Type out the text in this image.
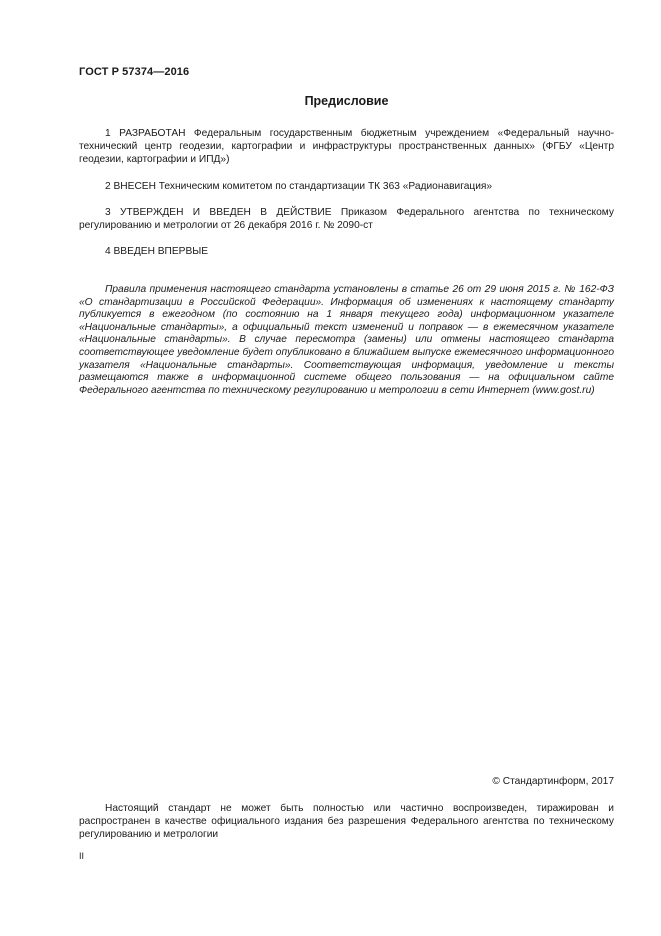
ГОСТ Р 57374—2016
Предисловие

1 РАЗРАБОТАН Федеральным государственным бюджетным учреждением «Федеральный научно-технический центр геодезии, картографии и инфраструктуры пространственных данных» (ФГБУ «Центр геодезии, картографии и ИПД»)

2 ВНЕСЕН Техническим комитетом по стандартизации ТК 363 «Радионавигация»

3 УТВЕРЖДЕН И ВВЕДЕН В ДЕЙСТВИЕ Приказом Федерального агентства по техническому регулированию и метрологии от 26 декабря 2016 г. № 2090-ст

4 ВВЕДЕН ВПЕРВЫЕ

Правила применения настоящего стандарта установлены в статье 26 от 29 июня 2015 г. № 162-ФЗ «О стандартизации в Российской Федерации». Информация об изменениях к настоящему стандарту публикуется в ежегодном (по состоянию на 1 января текущего года) информационном указателе «Национальные стандарты», а официальный текст изменений и поправок — в ежемесячном указателе «Национальные стандарты». В случае пересмотра (замены) или отмены настоящего стандарта соответствующее уведомление будет опубликовано в ближайшем выпуске ежемесячного информационного указателя «Национальные стандарты». Соответствующая информация, уведомление и тексты размещаются также в информационной системе общего пользования — на официальном сайте Федерального агентства по техническому регулированию и метрологии в сети Интернет (www.gost.ru)

© Стандартинформ, 2017

Настоящий стандарт не может быть полностью или частично воспроизведен, тиражирован и распространен в качестве официального издания без разрешения Федерального агентства по техническому регулированию и метрологии

II
